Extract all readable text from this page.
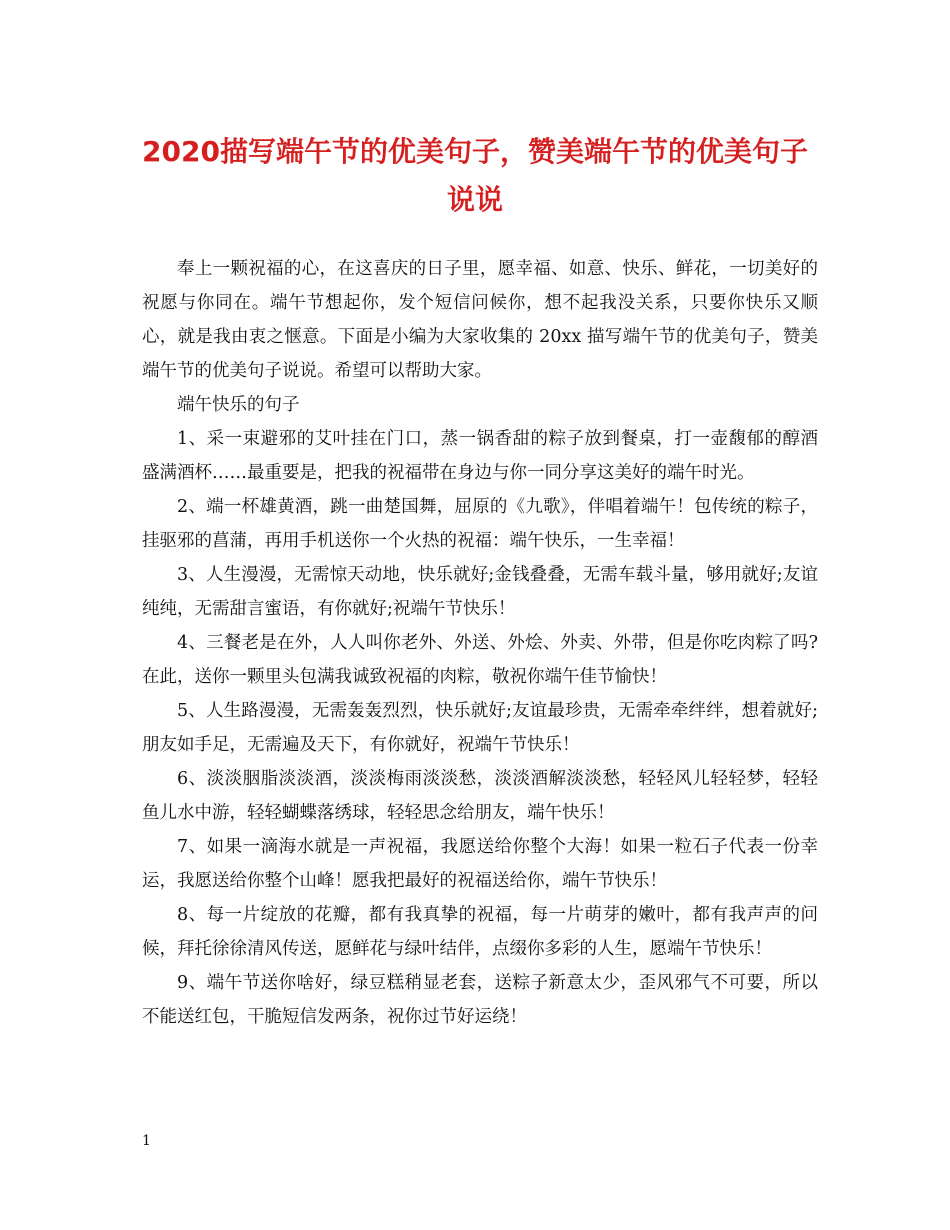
2020描写端午节的优美句子，赞美端午节的优美句子
说说

奉上一颗祝福的心，在这喜庆的日子里，愿幸福、如意、快乐、鲜花，一切美好的祝愿与你同在。端午节想起你，发个短信问候你，想不起我没关系，只要你快乐又顺心，就是我由衷之惬意。下面是小编为大家收集的 20xx 描写端午节的优美句子，赞美端午节的优美句子说说。希望可以帮助大家。

端午快乐的句子

1、采一束避邪的艾叶挂在门口，蒸一锅香甜的粽子放到餐桌，打一壶馥郁的醇酒盛满酒杯……最重要是，把我的祝福带在身边与你一同分享这美好的端午时光。

2、端一杯雄黄酒，跳一曲楚国舞，屈原的《九歌》，伴唱着端午！包传统的粽子，挂驱邪的菖蒲，再用手机送你一个火热的祝福：端午快乐，一生幸福！

3、人生漫漫，无需惊天动地，快乐就好;金钱叠叠，无需车载斗量，够用就好;友谊纯纯，无需甜言蜜语，有你就好;祝端午节快乐！

4、三餐老是在外，人人叫你老外、外送、外烩、外卖、外带，但是你吃肉粽了吗?在此，送你一颗里头包满我诚致祝福的肉粽，敬祝你端午佳节愉快！

5、人生路漫漫，无需轰轰烈烈，快乐就好;友谊最珍贵，无需牵牵绊绊，想着就好;朋友如手足，无需遍及天下，有你就好，祝端午节快乐！

6、淡淡胭脂淡淡酒，淡淡梅雨淡淡愁，淡淡酒解淡淡愁，轻轻风儿轻轻梦，轻轻鱼儿水中游，轻轻蝴蝶落绣球，轻轻思念给朋友，端午快乐！

7、如果一滴海水就是一声祝福，我愿送给你整个大海！如果一粒石子代表一份幸运，我愿送给你整个山峰！愿我把最好的祝福送给你，端午节快乐！

8、每一片绽放的花瓣，都有我真挚的祝福，每一片萌芽的嫩叶，都有我声声的问候，拜托徐徐清风传送，愿鲜花与绿叶结伴，点缀你多彩的人生，愿端午节快乐！

9、端午节送你啥好，绿豆糕稍显老套，送粽子新意太少，歪风邪气不可要，所以不能送红包，干脆短信发两条，祝你过节好运绕！

1
